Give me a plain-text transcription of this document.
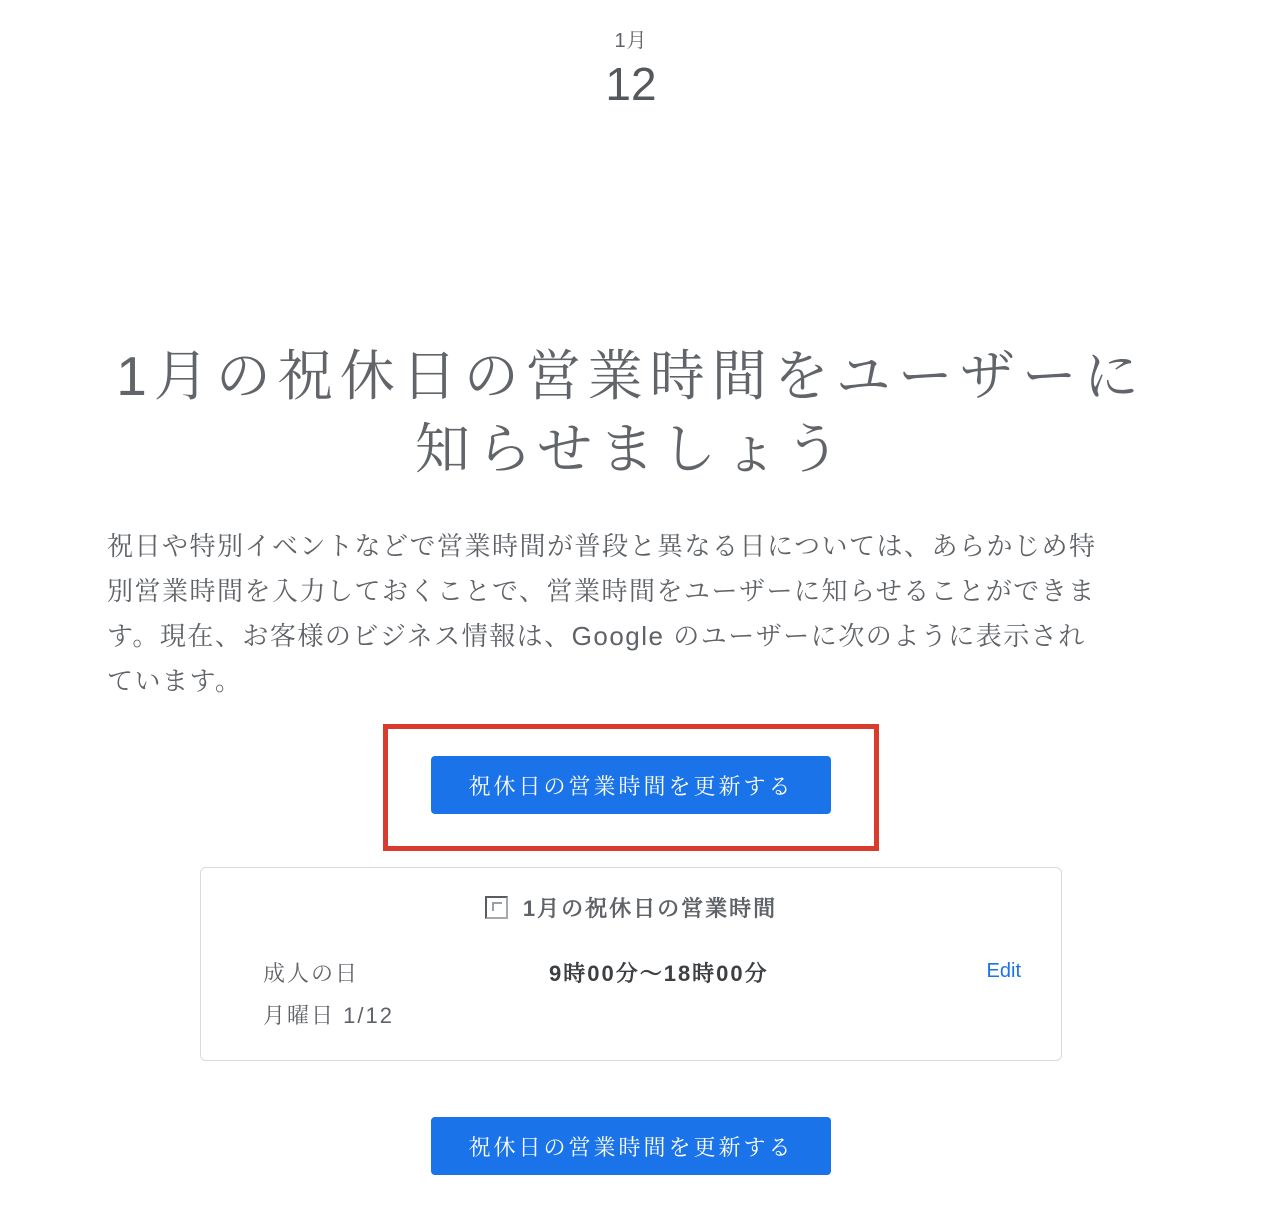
1月
12
1月の祝休日の営業時間をユーザーに
知らせましょう
祝日や特別イベントなどで営業時間が普段と異なる日については、あらかじめ特
別営業時間を入力しておくことで、営業時間をユーザーに知らせることができま
す。現在、お客様のビジネス情報は、Google のユーザーに次のように表示され
ています。
祝休日の営業時間を更新する
1月の祝休日の営業時間
成人の日
月曜日 1/12
9時00分～18時00分	Edit
祝休日の営業時間を更新する
